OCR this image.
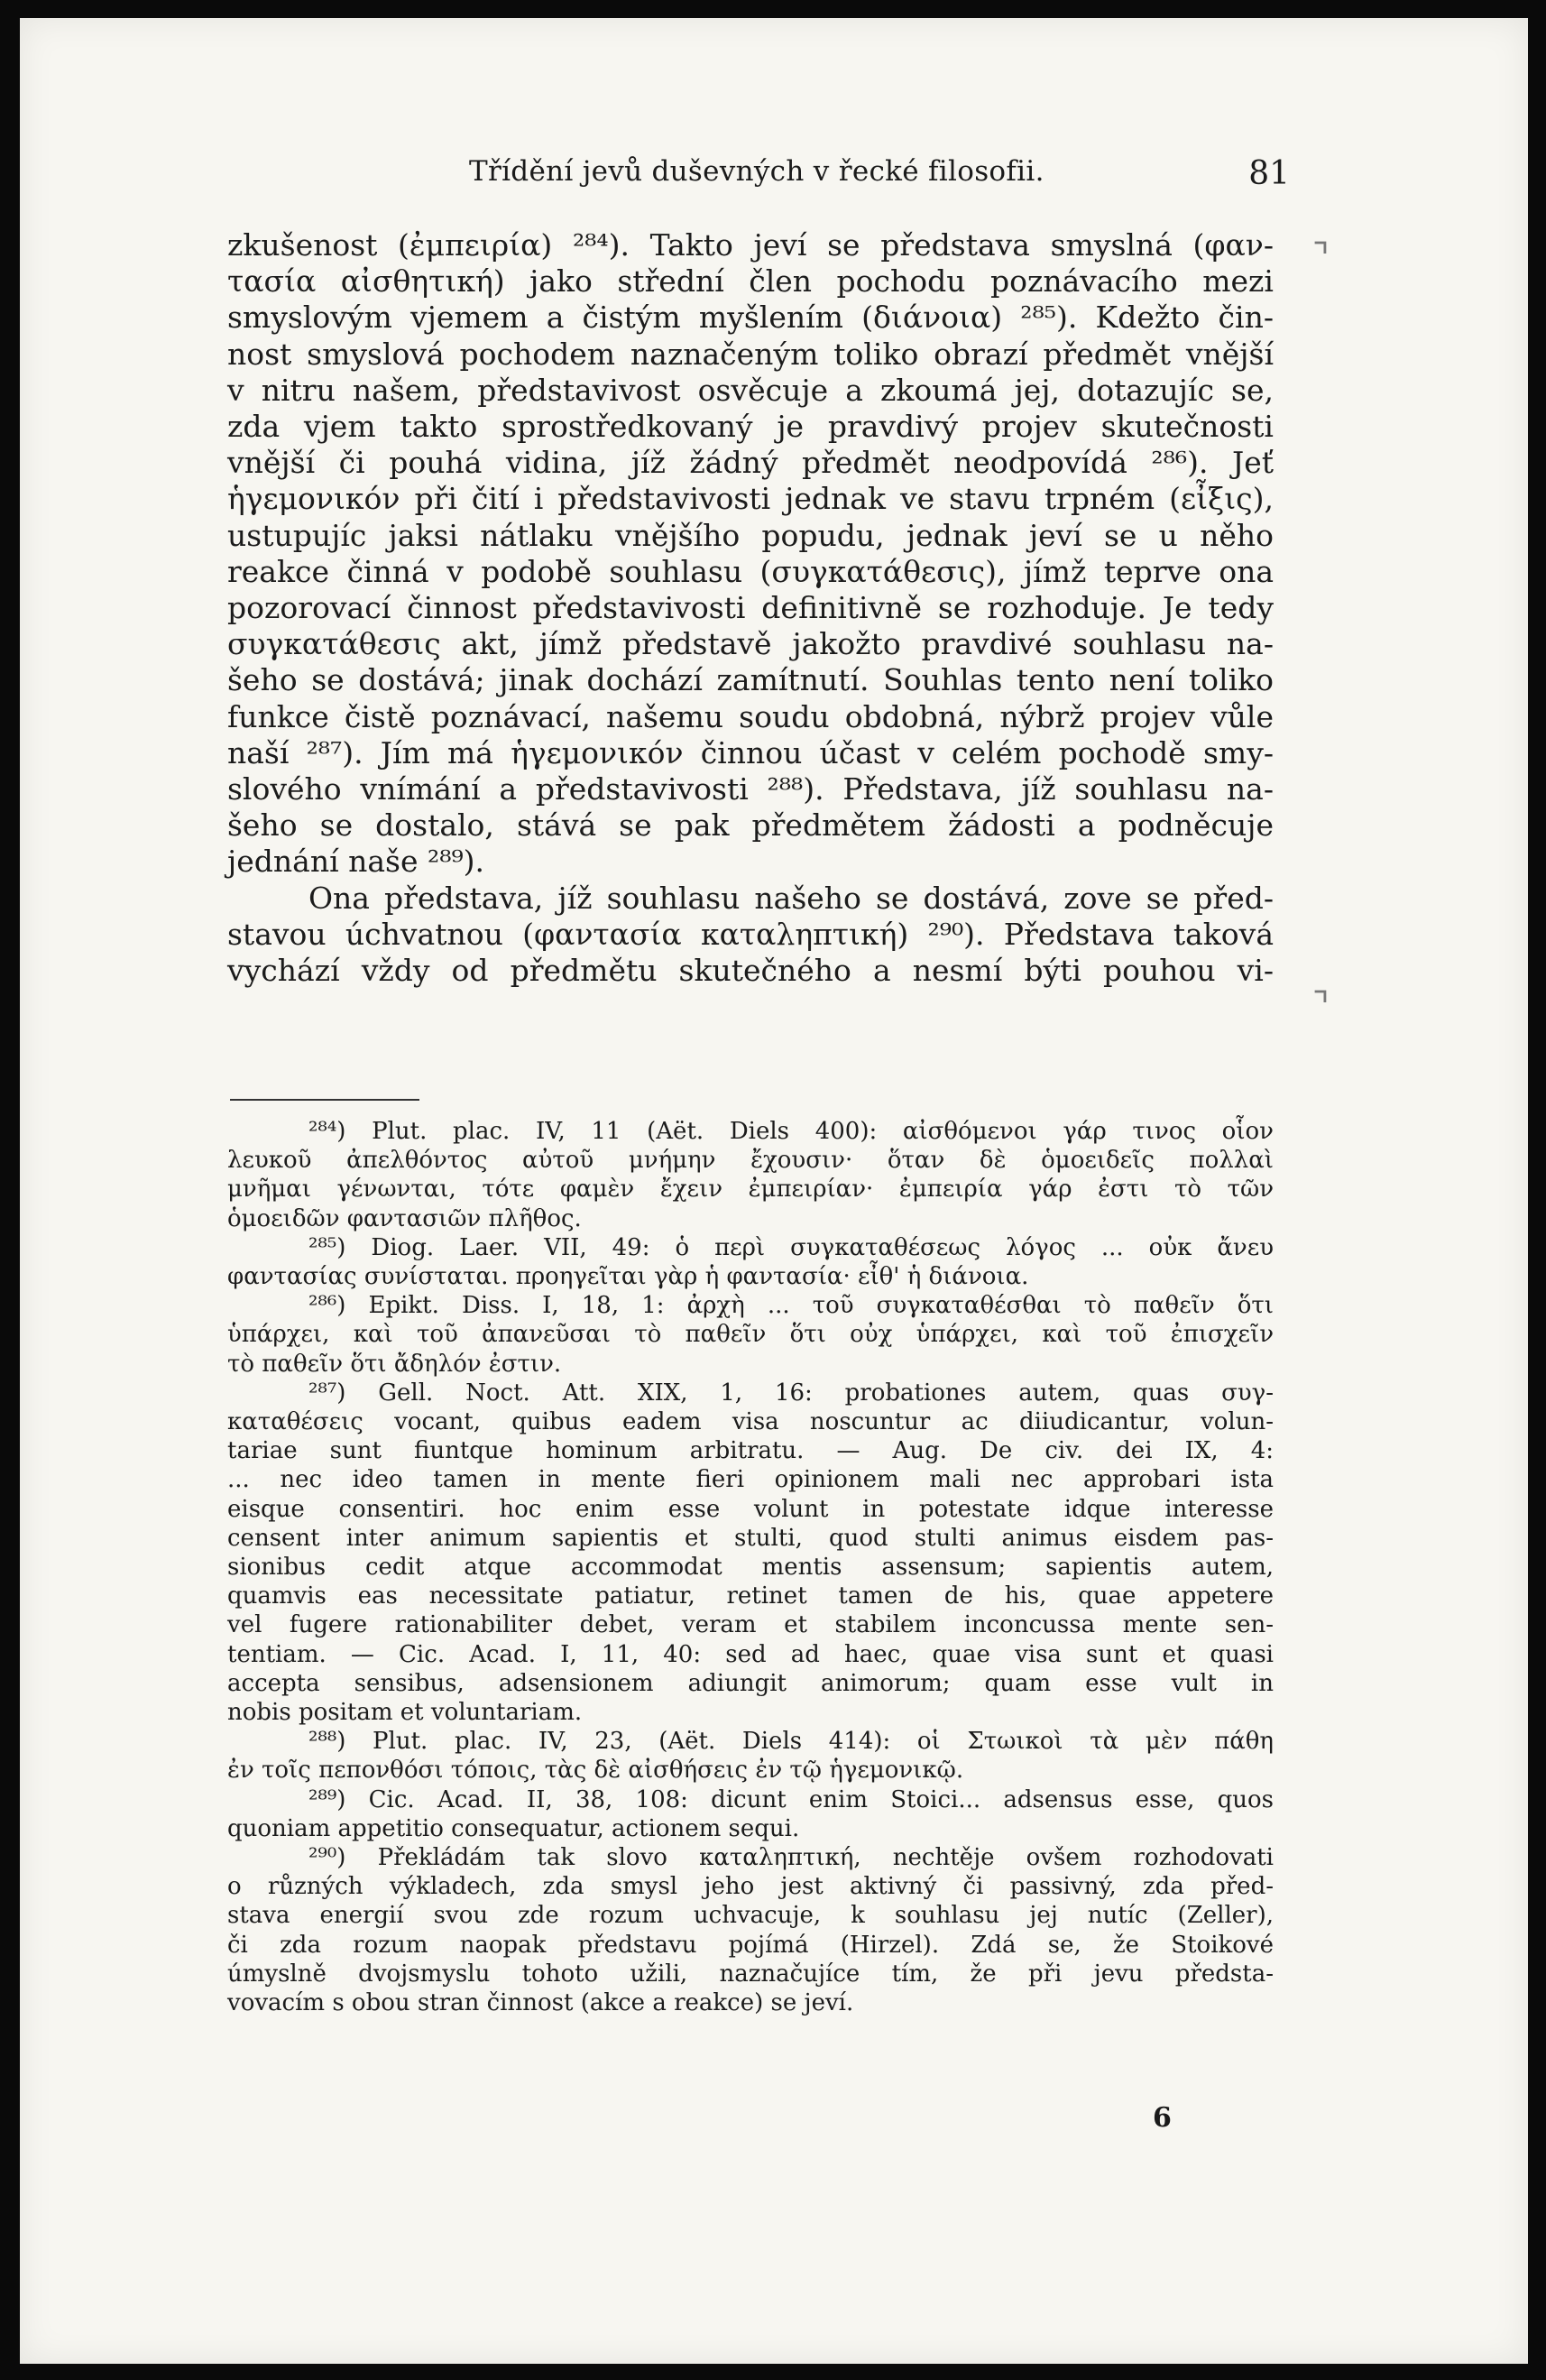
Třídění jevů duševných v řecké filosofii.	81
zkušenost (ἐμπειρία) ²⁸⁴). Takto jeví se představa smyslná (φαν-
τασία αἰσθητική) jako střední člen pochodu poznávacího mezi
smyslovým vjemem a čistým myšlením (διάνοια) ²⁸⁵). Kdežto čin-
nost smyslová pochodem naznačeným toliko obrazí předmět vnější
v nitru našem, představivost osvěcuje a zkoumá jej, dotazujíc se,
zda vjem takto sprostředkovaný je pravdivý projev skutečnosti
vnější či pouhá vidina, jíž žádný předmět neodpovídá ²⁸⁶). Jeť
ἡγεμονικόν při čití i představivosti jednak ve stavu trpném (εἶξις),
ustupujíc jaksi nátlaku vnějšího popudu, jednak jeví se u něho
reakce činná v podobě souhlasu (συγκατάθεσις), jímž teprve ona
pozorovací činnost představivosti definitivně se rozhoduje. Je tedy
συγκατάθεσις akt, jímž představě jakožto pravdivé souhlasu na-
šeho se dostává; jinak dochází zamítnutí. Souhlas tento není toliko
funkce čistě poznávací, našemu soudu obdobná, nýbrž projev vůle
naší ²⁸⁷). Jím má ἡγεμονικόν činnou účast v celém pochodě smy-
slového vnímání a představivosti ²⁸⁸). Představa, jíž souhlasu na-
šeho se dostalo, stává se pak předmětem žádosti a podněcuje
jednání naše ²⁸⁹).
Ona představa, jíž souhlasu našeho se dostává, zove se před-
stavou úchvatnou (φαντασία καταληπτική) ²⁹⁰). Představa taková
vychází vždy od předmětu skutečného a nesmí býti pouhou vi-
²⁸⁴) Plut. plac. IV, 11 (Aët. Diels 400): αἰσθόμενοι γάρ τινος οἷον
λευκοῦ ἀπελθόντος αὐτοῦ μνήμην ἔχουσιν· ὅταν δὲ ὁμοειδεῖς πολλαὶ
μνῆμαι γένωνται, τότε φαμὲν ἔχειν ἐμπειρίαν· ἐμπειρία γάρ ἐστι τὸ τῶν
ὁμοειδῶν φαντασιῶν πλῆθος.
²⁸⁵) Diog. Laer. VII, 49: ὁ περὶ συγκαταθέσεως λόγος ... οὐκ ἄνευ
φαντασίας συνίσταται. προηγεῖται γὰρ ἡ φαντασία· εἶθ' ἡ διάνοια.
²⁸⁶) Epikt. Diss. I, 18, 1: ἀρχὴ ... τοῦ συγκαταθέσθαι τὸ παθεῖν ὅτι
ὑπάρχει, καὶ τοῦ ἀπανεῦσαι τὸ παθεῖν ὅτι οὐχ ὑπάρχει, καὶ τοῦ ἐπισχεῖν
τὸ παθεῖν ὅτι ἄδηλόν ἐστιν.
²⁸⁷) Gell. Noct. Att. XIX, 1, 16: probationes autem, quas συγ-
καταθέσεις vocant, quibus eadem visa noscuntur ac diiudicantur, volun-
tariae sunt fiuntque hominum arbitratu. — Aug. De civ. dei IX, 4:
... nec ideo tamen in mente fieri opinionem mali nec approbari ista
eisque consentiri. hoc enim esse volunt in potestate idque interesse
censent inter animum sapientis et stulti, quod stulti animus eisdem pas-
sionibus cedit atque accommodat mentis assensum; sapientis autem,
quamvis eas necessitate patiatur, retinet tamen de his, quae appetere
vel fugere rationabiliter debet, veram et stabilem inconcussa mente sen-
tentiam. — Cic. Acad. I, 11, 40: sed ad haec, quae visa sunt et quasi
accepta sensibus, adsensionem adiungit animorum; quam esse vult in
nobis positam et voluntariam.
²⁸⁸) Plut. plac. IV, 23, (Aët. Diels 414): οἱ Στωικοὶ τὰ μὲν πάθη
ἐν τοῖς πεπονθόσι τόποις, τὰς δὲ αἰσθήσεις ἐν τῷ ἡγεμονικῷ.
²⁸⁹) Cic. Acad. II, 38, 108: dicunt enim Stoici... adsensus esse, quos
quoniam appetitio consequatur, actionem sequi.
²⁹⁰) Překládám tak slovo καταληπτική, nechtěje ovšem rozhodovati
o různých výkladech, zda smysl jeho jest aktivný či passivný, zda před-
stava energií svou zde rozum uchvacuje, k souhlasu jej nutíc (Zeller),
či zda rozum naopak představu pojímá (Hirzel). Zdá se, že Stoikové
úmyslně dvojsmyslu tohoto užili, naznačujíce tím, že při jevu předsta-
vovacím s obou stran činnost (akce a reakce) se jeví.
6
⌝
⌝
